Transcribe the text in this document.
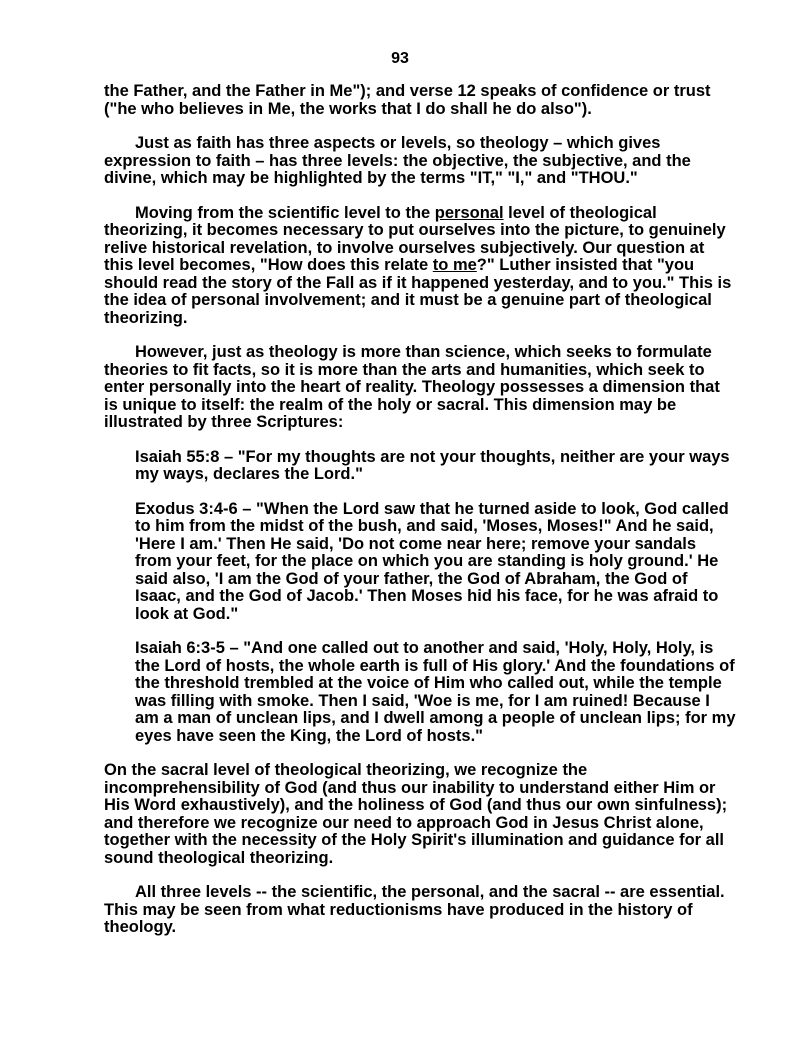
93

the Father, and the Father in Me"); and verse 12 speaks of confidence or trust ("he who believes in Me, the works that I do shall he do also").

Just as faith has three aspects or levels, so theology – which gives expression to faith – has three levels: the objective, the subjective, and the divine, which may be highlighted by the terms "IT," "I," and "THOU."

Moving from the scientific level to the personal level of theological theorizing, it becomes necessary to put ourselves into the picture, to genuinely relive historical revelation, to involve ourselves subjectively. Our question at this level becomes, "How does this relate to me?" Luther insisted that "you should read the story of the Fall as if it happened yesterday, and to you." This is the idea of personal involvement; and it must be a genuine part of theological theorizing.

However, just as theology is more than science, which seeks to formulate theories to fit facts, so it is more than the arts and humanities, which seek to enter personally into the heart of reality. Theology possesses a dimension that is unique to itself: the realm of the holy or sacral. This dimension may be illustrated by three Scriptures:

Isaiah 55:8 – "For my thoughts are not your thoughts, neither are your ways my ways, declares the Lord."

Exodus 3:4-6 – "When the Lord saw that he turned aside to look, God called to him from the midst of the bush, and said, 'Moses, Moses!" And he said, 'Here I am.' Then He said, 'Do not come near here; remove your sandals from your feet, for the place on which you are standing is holy ground.' He said also, 'I am the God of your father, the God of Abraham, the God of Isaac, and the God of Jacob.' Then Moses hid his face, for he was afraid to look at God."

Isaiah 6:3-5 – "And one called out to another and said, 'Holy, Holy, Holy, is the Lord of hosts, the whole earth is full of His glory.' And the foundations of the threshold trembled at the voice of Him who called out, while the temple was filling with smoke. Then I said, 'Woe is me, for I am ruined! Because I am a man of unclean lips, and I dwell among a people of unclean lips; for my eyes have seen the King, the Lord of hosts."

On the sacral level of theological theorizing, we recognize the incomprehensibility of God (and thus our inability to understand either Him or His Word exhaustively), and the holiness of God (and thus our own sinfulness); and therefore we recognize our need to approach God in Jesus Christ alone, together with the necessity of the Holy Spirit's illumination and guidance for all sound theological theorizing.

All three levels -- the scientific, the personal, and the sacral -- are essential. This may be seen from what reductionisms have produced in the history of theology.
